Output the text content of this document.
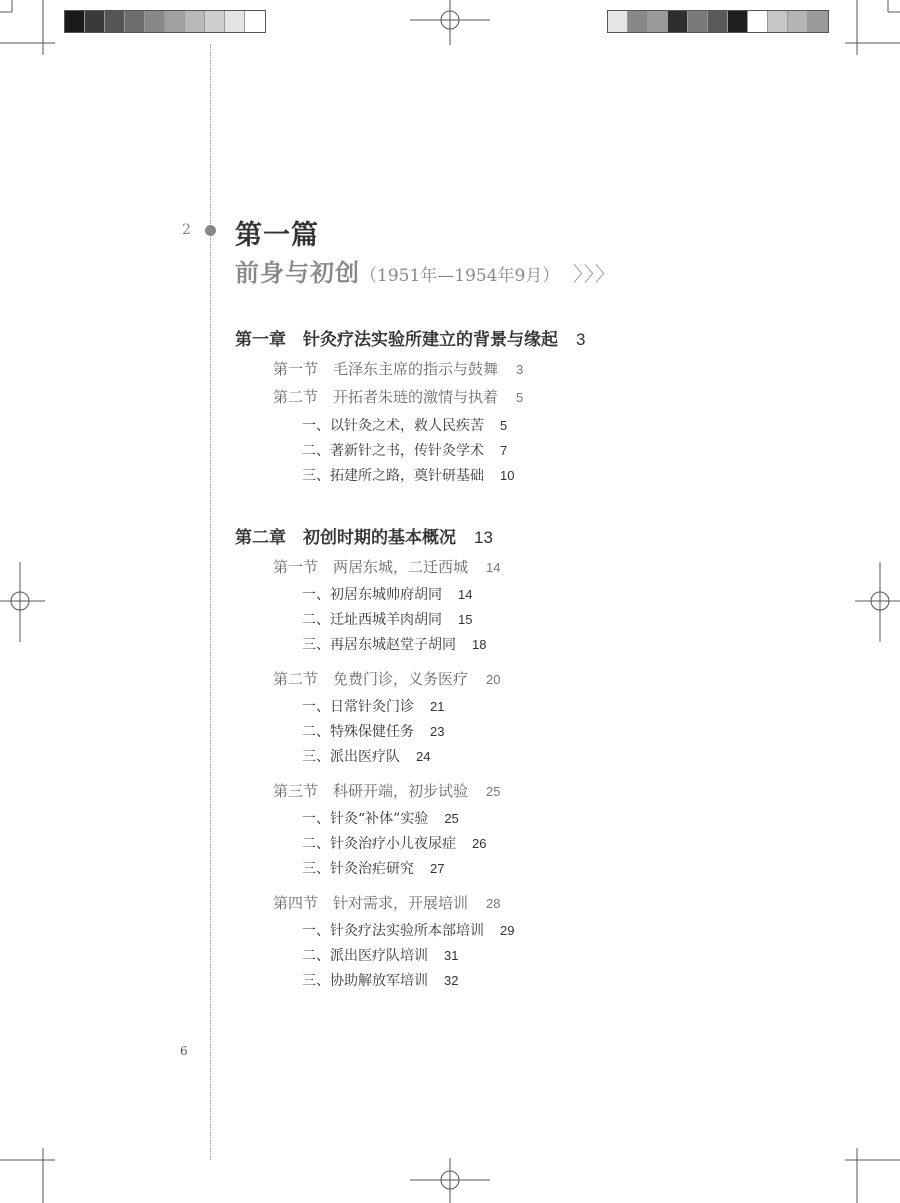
2 第一篇
前身与初创（1951年—1954年9月） 〉〉〉
第一章　针灸疗法实验所建立的背景与缘起 3
第一节　毛泽东主席的指示与鼓舞 3
第二节　开拓者朱琏的激情与执着 5
一、以针灸之术，救人民疾苦 5
二、著新针之书，传针灸学术 7
三、拓建所之路，奠针研基础 10
第二章　初创时期的基本概况 13
第一节　两居东城，二迁西城 14
一、初居东城帅府胡同 14
二、迁址西城羊肉胡同 15
三、再居东城赵堂子胡同 18
第二节　免费门诊，义务医疗 20
一、日常针灸门诊 21
二、特殊保健任务 23
三、派出医疗队 24
第三节　科研开端，初步试验 25
一、针灸“补体”实验 25
二、针灸治疗小儿夜尿症 26
三、针灸治疟研究 27
第四节　针对需求，开展培训 28
一、针灸疗法实验所本部培训 29
二、派出医疗队培训 31
三、协助解放军培训 32
6
